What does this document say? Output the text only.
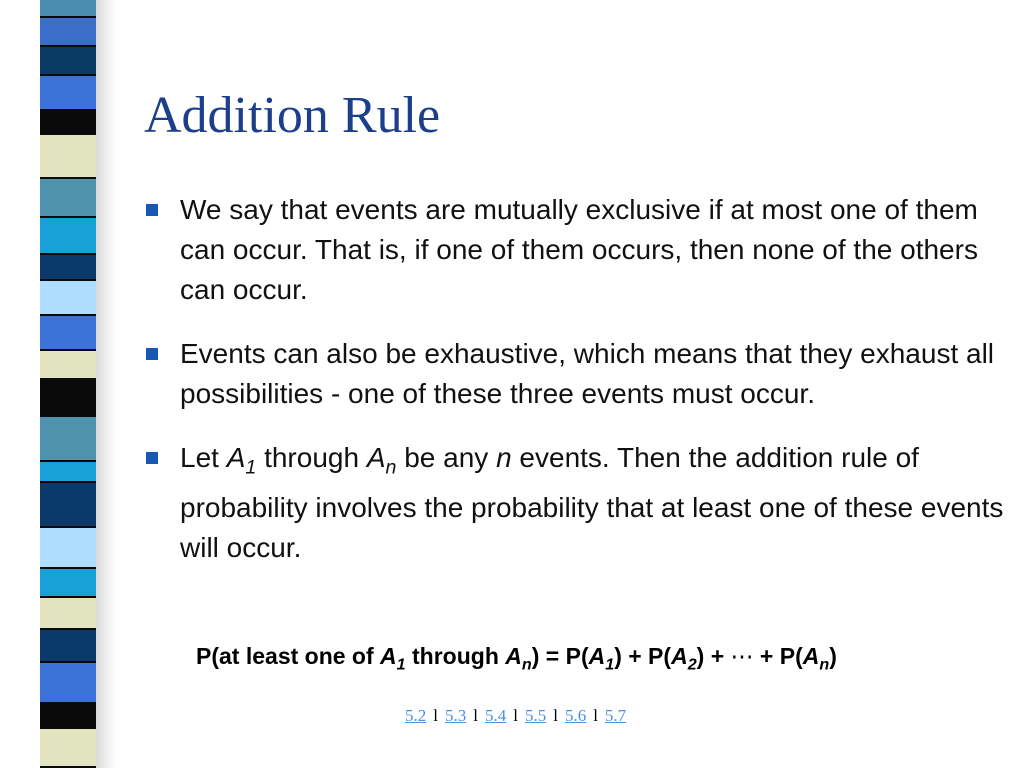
Addition Rule
We say that events are mutually exclusive if at most one of them can occur. That is, if one of them occurs, then none of the others can occur.
Events can also be exhaustive, which means that they exhaust all possibilities - one of these three events must occur.
Let $A_1$ through $A_n$ be any n events. Then the addition rule of probability involves the probability that at least one of these events will occur.
P(at least one of $A_1$ through $A_n) = P(A_1) + P(A_2)$ + ⋯ + $P(A_n)$
5.2 l 5.3 l 5.4 l 5.5 l 5.6 l 5.7
